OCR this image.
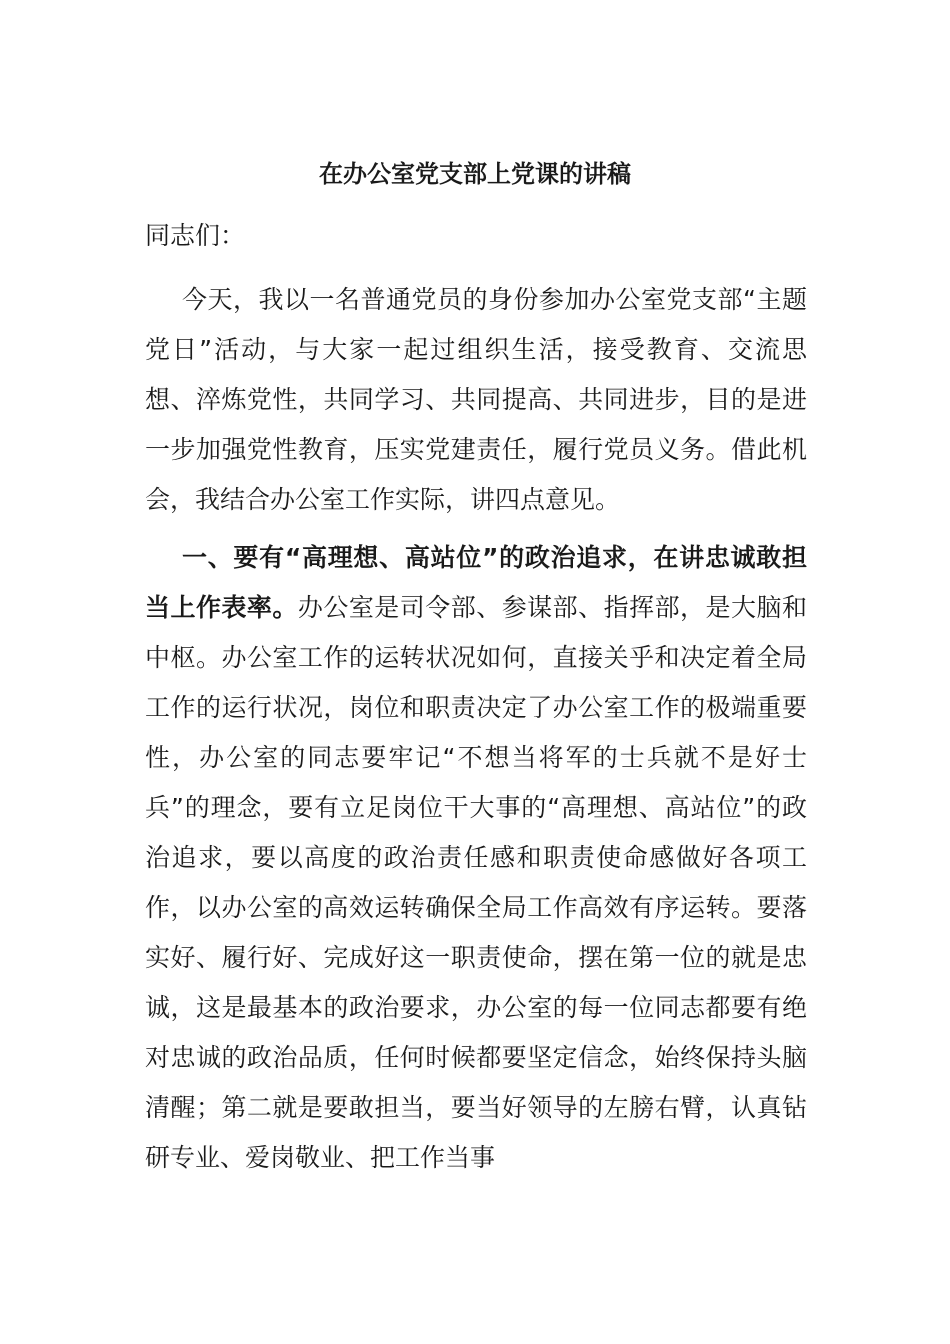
在办公室党支部上党课的讲稿

同志们：

今天，我以一名普通党员的身份参加办公室党支部“主题党日”活动，与大家一起过组织生活，接受教育、交流思想、淬炼党性，共同学习、共同提高、共同进步，目的是进一步加强党性教育，压实党建责任，履行党员义务。借此机会，我结合办公室工作实际，讲四点意见。

一、要有“高理想、高站位”的政治追求，在讲忠诚敢担当上作表率。办公室是司令部、参谋部、指挥部，是大脑和中枢。办公室工作的运转状况如何，直接关乎和决定着全局工作的运行状况，岗位和职责决定了办公室工作的极端重要性，办公室的同志要牢记“不想当将军的士兵就不是好士兵”的理念，要有立足岗位干大事的“高理想、高站位”的政治追求，要以高度的政治责任感和职责使命感做好各项工作，以办公室的高效运转确保全局工作高效有序运转。要落实好、履行好、完成好这一职责使命，摆在第一位的就是忠诚，这是最基本的政治要求，办公室的每一位同志都要有绝对忠诚的政治品质，任何时候都要坚定信念，始终保持头脑清醒；第二就是要敢担当，要当好领导的左膀右臂，认真钻研专业、爱岗敬业、把工作当事
